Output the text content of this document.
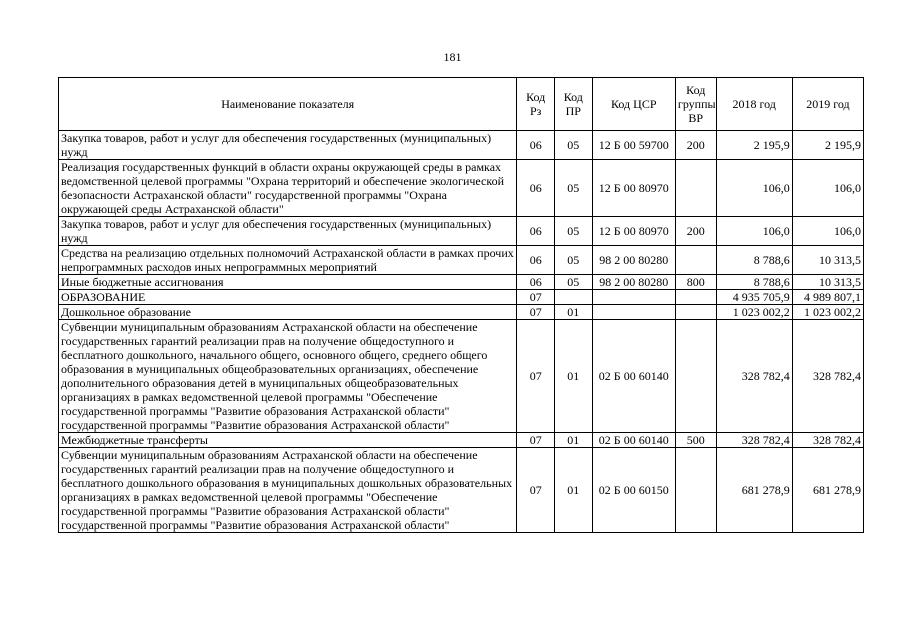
181
Наименование показателя	Код Рз	Код ПР	Код ЦСР	Код группы ВР	2018 год	2019 год
Закупка товаров, работ и услуг для обеспечения государственных (муниципальных) нужд	06	05	12 Б 00 59700	200	2 195,9	2 195,9
Реализация государственных функций в области охраны окружающей среды в рамках ведомственной целевой программы "Охрана территорий и обеспечение экологической безопасности Астраханской области" государственной программы "Охрана окружающей среды Астраханской области"	06	05	12 Б 00 80970		106,0	106,0
Закупка товаров, работ и услуг для обеспечения государственных (муниципальных) нужд	06	05	12 Б 00 80970	200	106,0	106,0
Средства на реализацию отдельных полномочий Астраханской области в рамках прочих непрограммных расходов иных непрограммных мероприятий	06	05	98 2 00 80280		8 788,6	10 313,5
Иные бюджетные ассигнования	06	05	98 2 00 80280	800	8 788,6	10 313,5
ОБРАЗОВАНИЕ	07				4 935 705,9	4 989 807,1
Дошкольное образование	07	01			1 023 002,2	1 023 002,2
Субвенции муниципальным образованиям Астраханской области на обеспечение государственных гарантий реализации прав на получение общедоступного и бесплатного дошкольного, начального общего, основного общего, среднего общего образования в муниципальных общеобразовательных организациях, обеспечение дополнительного образования детей в муниципальных общеобразовательных организациях в рамках ведомственной целевой программы "Обеспечение государственной программы "Развитие образования Астраханской области" государственной программы "Развитие образования Астраханской области"	07	01	02 Б 00 60140		328 782,4	328 782,4
Межбюджетные трансферты	07	01	02 Б 00 60140	500	328 782,4	328 782,4
Субвенции муниципальным образованиям Астраханской области на обеспечение государственных гарантий реализации прав на получение общедоступного и бесплатного дошкольного образования в муниципальных дошкольных образовательных организациях в рамках ведомственной целевой программы "Обеспечение государственной программы "Развитие образования Астраханской области" государственной программы "Развитие образования Астраханской области"	07	01	02 Б 00 60150		681 278,9	681 278,9
